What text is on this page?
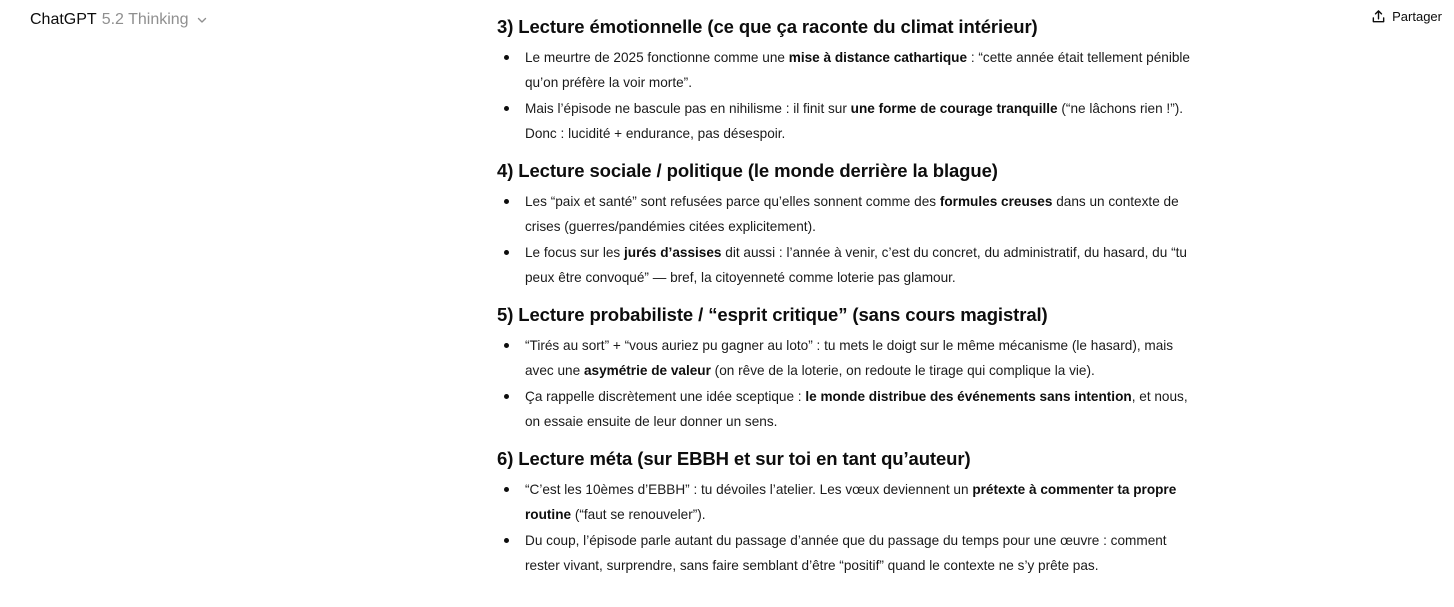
ChatGPT 5.2 Thinking	Partager
3) Lecture émotionnelle (ce que ça raconte du climat intérieur)

Le meurtre de 2025 fonctionne comme une mise à distance cathartique : “cette année était tellement pénible qu’on préfère la voir morte”.

Mais l’épisode ne bascule pas en nihilisme : il finit sur une forme de courage tranquille (“ne lâchons rien !”). Donc : lucidité + endurance, pas désespoir.

4) Lecture sociale / politique (le monde derrière la blague)

Les “paix et santé” sont refusées parce qu’elles sonnent comme des formules creuses dans un contexte de crises (guerres/pandémies citées explicitement).

Le focus sur les jurés d’assises dit aussi : l’année à venir, c’est du concret, du administratif, du hasard, du “tu peux être convoqué” — bref, la citoyenneté comme loterie pas glamour.

5) Lecture probabiliste / “esprit critique” (sans cours magistral)

“Tirés au sort” + “vous auriez pu gagner au loto” : tu mets le doigt sur le même mécanisme (le hasard), mais avec une asymétrie de valeur (on rêve de la loterie, on redoute le tirage qui complique la vie).

Ça rappelle discrètement une idée sceptique : le monde distribue des événements sans intention, et nous, on essaie ensuite de leur donner un sens.

6) Lecture méta (sur EBBH et sur toi en tant qu’auteur)

“C’est les 10èmes d’EBBH” : tu dévoiles l’atelier. Les vœux deviennent un prétexte à commenter ta propre routine (“faut se renouveler”).

Du coup, l’épisode parle autant du passage d’année que du passage du temps pour une œuvre : comment rester vivant, surprendre, sans faire semblant d’être “positif” quand le contexte ne s’y prête pas.
